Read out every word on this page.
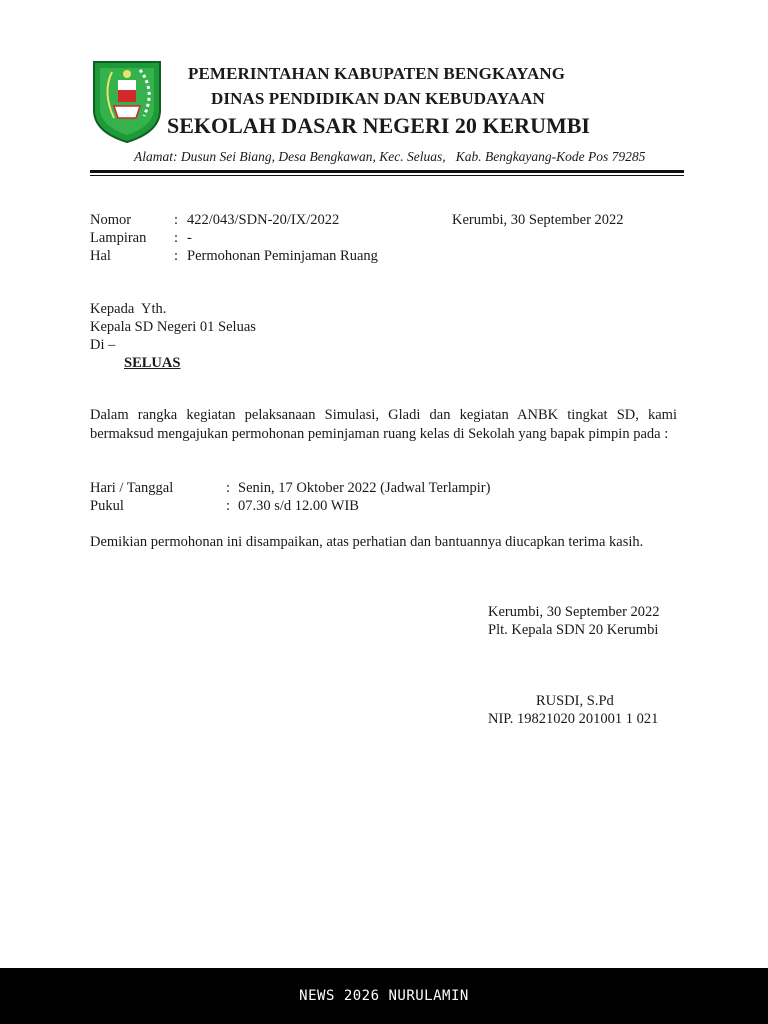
PEMERINTAHAN KABUPATEN BENGKAYANG
DINAS PENDIDIKAN DAN KEBUDAYAAN
SEKOLAH DASAR NEGERI 20 KERUMBI
Alamat: Dusun Sei Biang, Desa Bengkawan, Kec. Seluas,   Kab. Bengkayang-Kode Pos 79285
Nomor	: 422/043/SDN-20/IX/2022	Kerumbi, 30 September 2022
Lampiran : -
Hal	: Permohonan Peminjaman Ruang
Kepada  Yth.
Kepala SD Negeri 01 Seluas
Di –
SELUAS
Dalam rangka kegiatan pelaksanaan Simulasi, Gladi dan kegiatan ANBK tingkat SD, kami bermaksud mengajukan permohonan peminjaman ruang kelas di Sekolah yang bapak pimpin pada :
Hari / Tanggal	: Senin, 17 Oktober 2022 (Jadwal Terlampir)
Pukul	: 07.30 s/d 12.00 WIB
Demikian permohonan ini disampaikan, atas perhatian dan bantuannya diucapkan terima kasih.
Kerumbi, 30 September 2022
Plt. Kepala SDN 20 Kerumbi
RUSDI, S.Pd
NIP. 19821020 201001 1 021
NEWS 2026 NURULAMIN
